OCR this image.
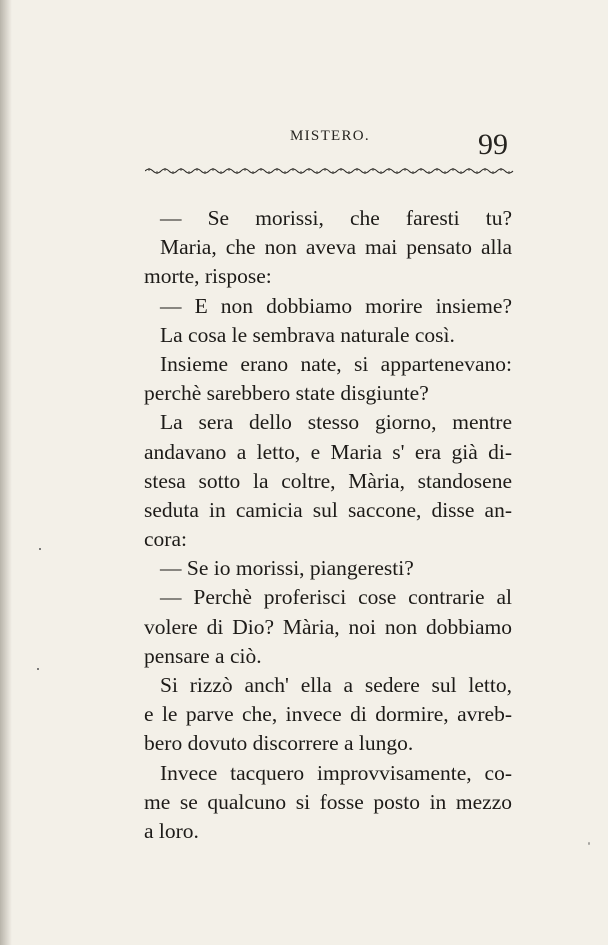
MISTERO.	99
— Se morissi, che faresti tu?
Maria, che non aveva mai pensato alla
morte, rispose:
— E non dobbiamo morire insieme?
La cosa le sembrava naturale così.
Insieme erano nate, si appartenevano:
perchè sarebbero state disgiunte?
La sera dello stesso giorno, mentre
andavano a letto, e Maria s' era già di-
stesa sotto la coltre, Mària, standosene
seduta in camicia sul saccone, disse an-
cora:
— Se io morissi, piangeresti?
— Perchè proferisci cose contrarie al
volere di Dio? Mària, noi non dobbiamo
pensare a ciò.
Si rizzò anch' ella a sedere sul letto,
e le parve che, invece di dormire, avreb-
bero dovuto discorrere a lungo.
Invece tacquero improvvisamente, co-
me se qualcuno si fosse posto in mezzo
a loro.
